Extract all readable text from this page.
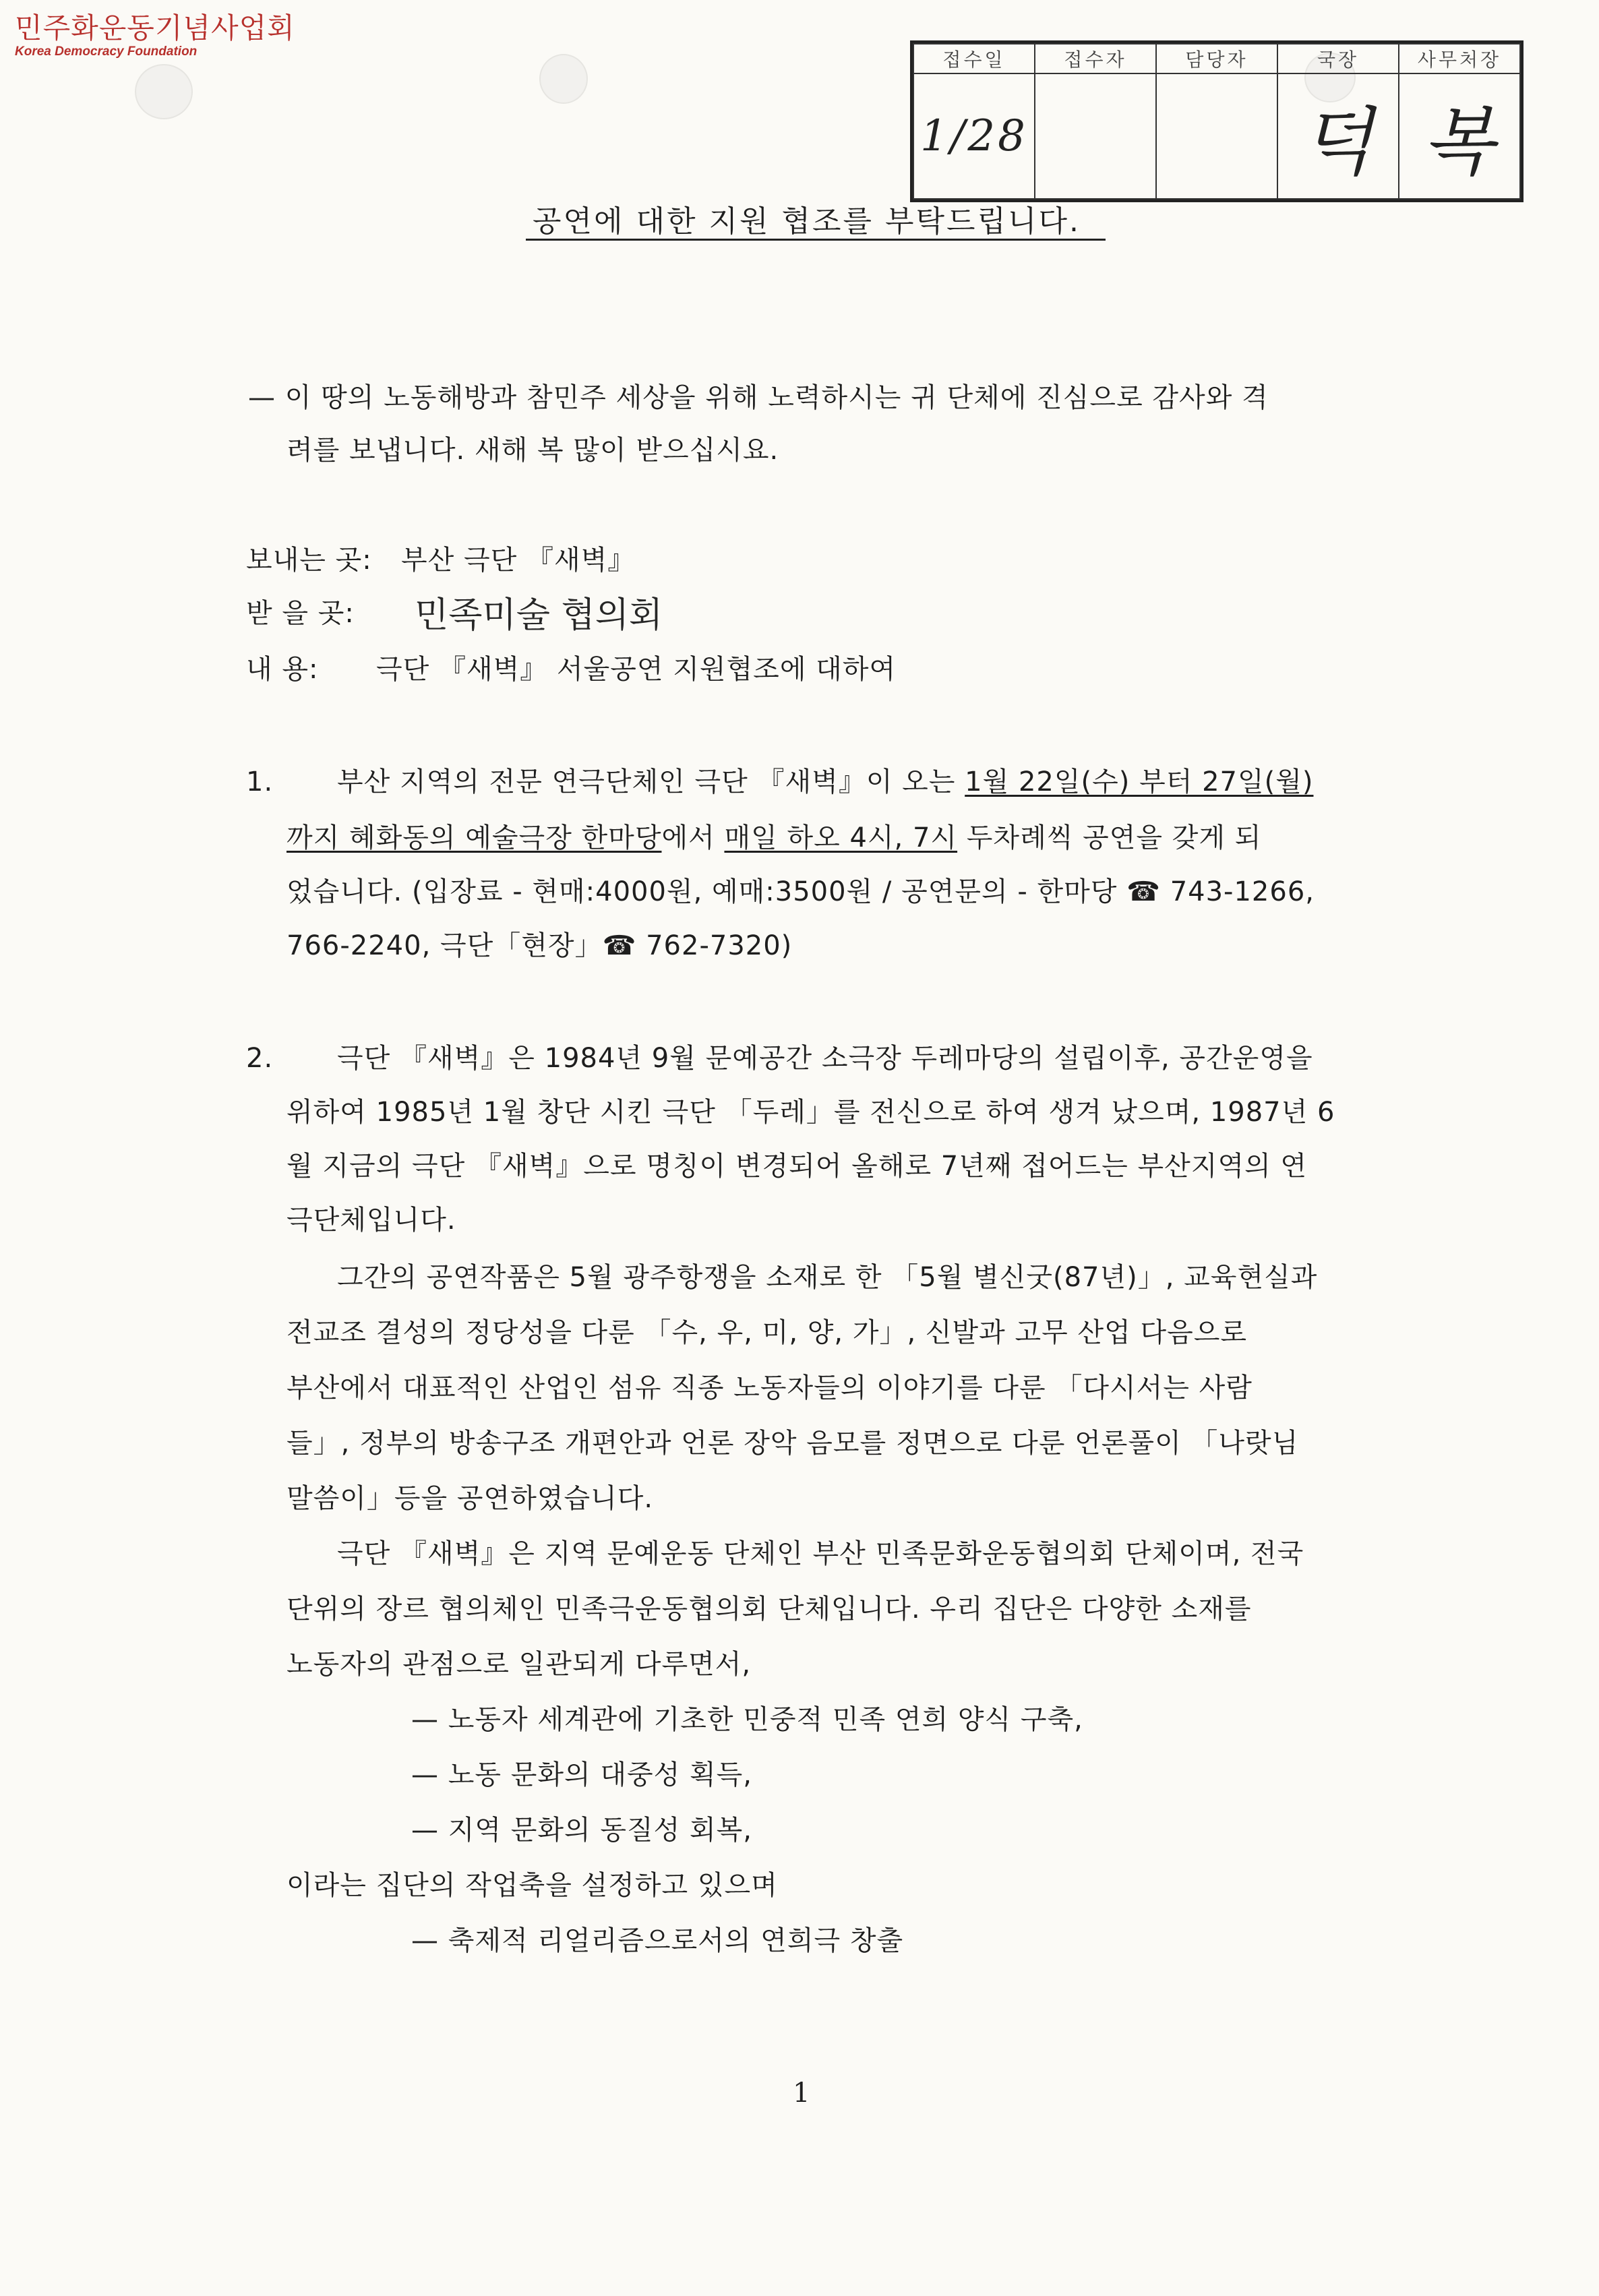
민주화운동기념사업회
Korea Democracy Foundation	접수일	접수자	담당자	국장	사무처장
1/28			덕	복
공연에 대한 지원 협조를 부탁드립니다.
— 이 땅의 노동해방과 참민주 세상을 위해 노력하시는 귀 단체에 진심으로 감사와 격
려를 보냅니다. 새해 복 많이 받으십시요.
보내는 곳: 부산 극단 『새벽』
받 을 곳: 민족미술 협의회
내 용: 극단 『새벽』 서울공연 지원협조에 대하여
1. 부산 지역의 전문 연극단체인 극단 『새벽』이 오는 1월 22일(수) 부터 27일(월)
까지 혜화동의 예술극장 한마당에서 매일 하오 4시, 7시 두차례씩 공연을 갖게 되
었습니다. (입장료 - 현매:4000원, 예매:3500원 / 공연문의 - 한마당 ☎ 743-1266,
766-2240, 극단「현장」☎ 762-7320)
2. 극단 『새벽』은 1984년 9월 문예공간 소극장 두레마당의 설립이후, 공간운영을
위하여 1985년 1월 창단 시킨 극단 「두레」를 전신으로 하여 생겨 났으며, 1987년 6
월 지금의 극단 『새벽』으로 명칭이 변경되어 올해로 7년째 접어드는 부산지역의 연
극단체입니다.
그간의 공연작품은 5월 광주항쟁을 소재로 한 「5월 별신굿(87년)」, 교육현실과
전교조 결성의 정당성을 다룬 「수, 우, 미, 양, 가」, 신발과 고무 산업 다음으로
부산에서 대표적인 산업인 섬유 직종 노동자들의 이야기를 다룬 「다시서는 사람
들」, 정부의 방송구조 개편안과 언론 장악 음모를 정면으로 다룬 언론풀이 「나랏님
말씀이」등을 공연하였습니다.
극단 『새벽』은 지역 문예운동 단체인 부산 민족문화운동협의회 단체이며, 전국
단위의 장르 협의체인 민족극운동협의회 단체입니다. 우리 집단은 다양한 소재를
노동자의 관점으로 일관되게 다루면서,
— 노동자 세계관에 기초한 민중적 민족 연희 양식 구축,
— 노동 문화의 대중성 획득,
— 지역 문화의 동질성 회복,
이라는 집단의 작업축을 설정하고 있으며
— 축제적 리얼리즘으로서의 연희극 창출
1
